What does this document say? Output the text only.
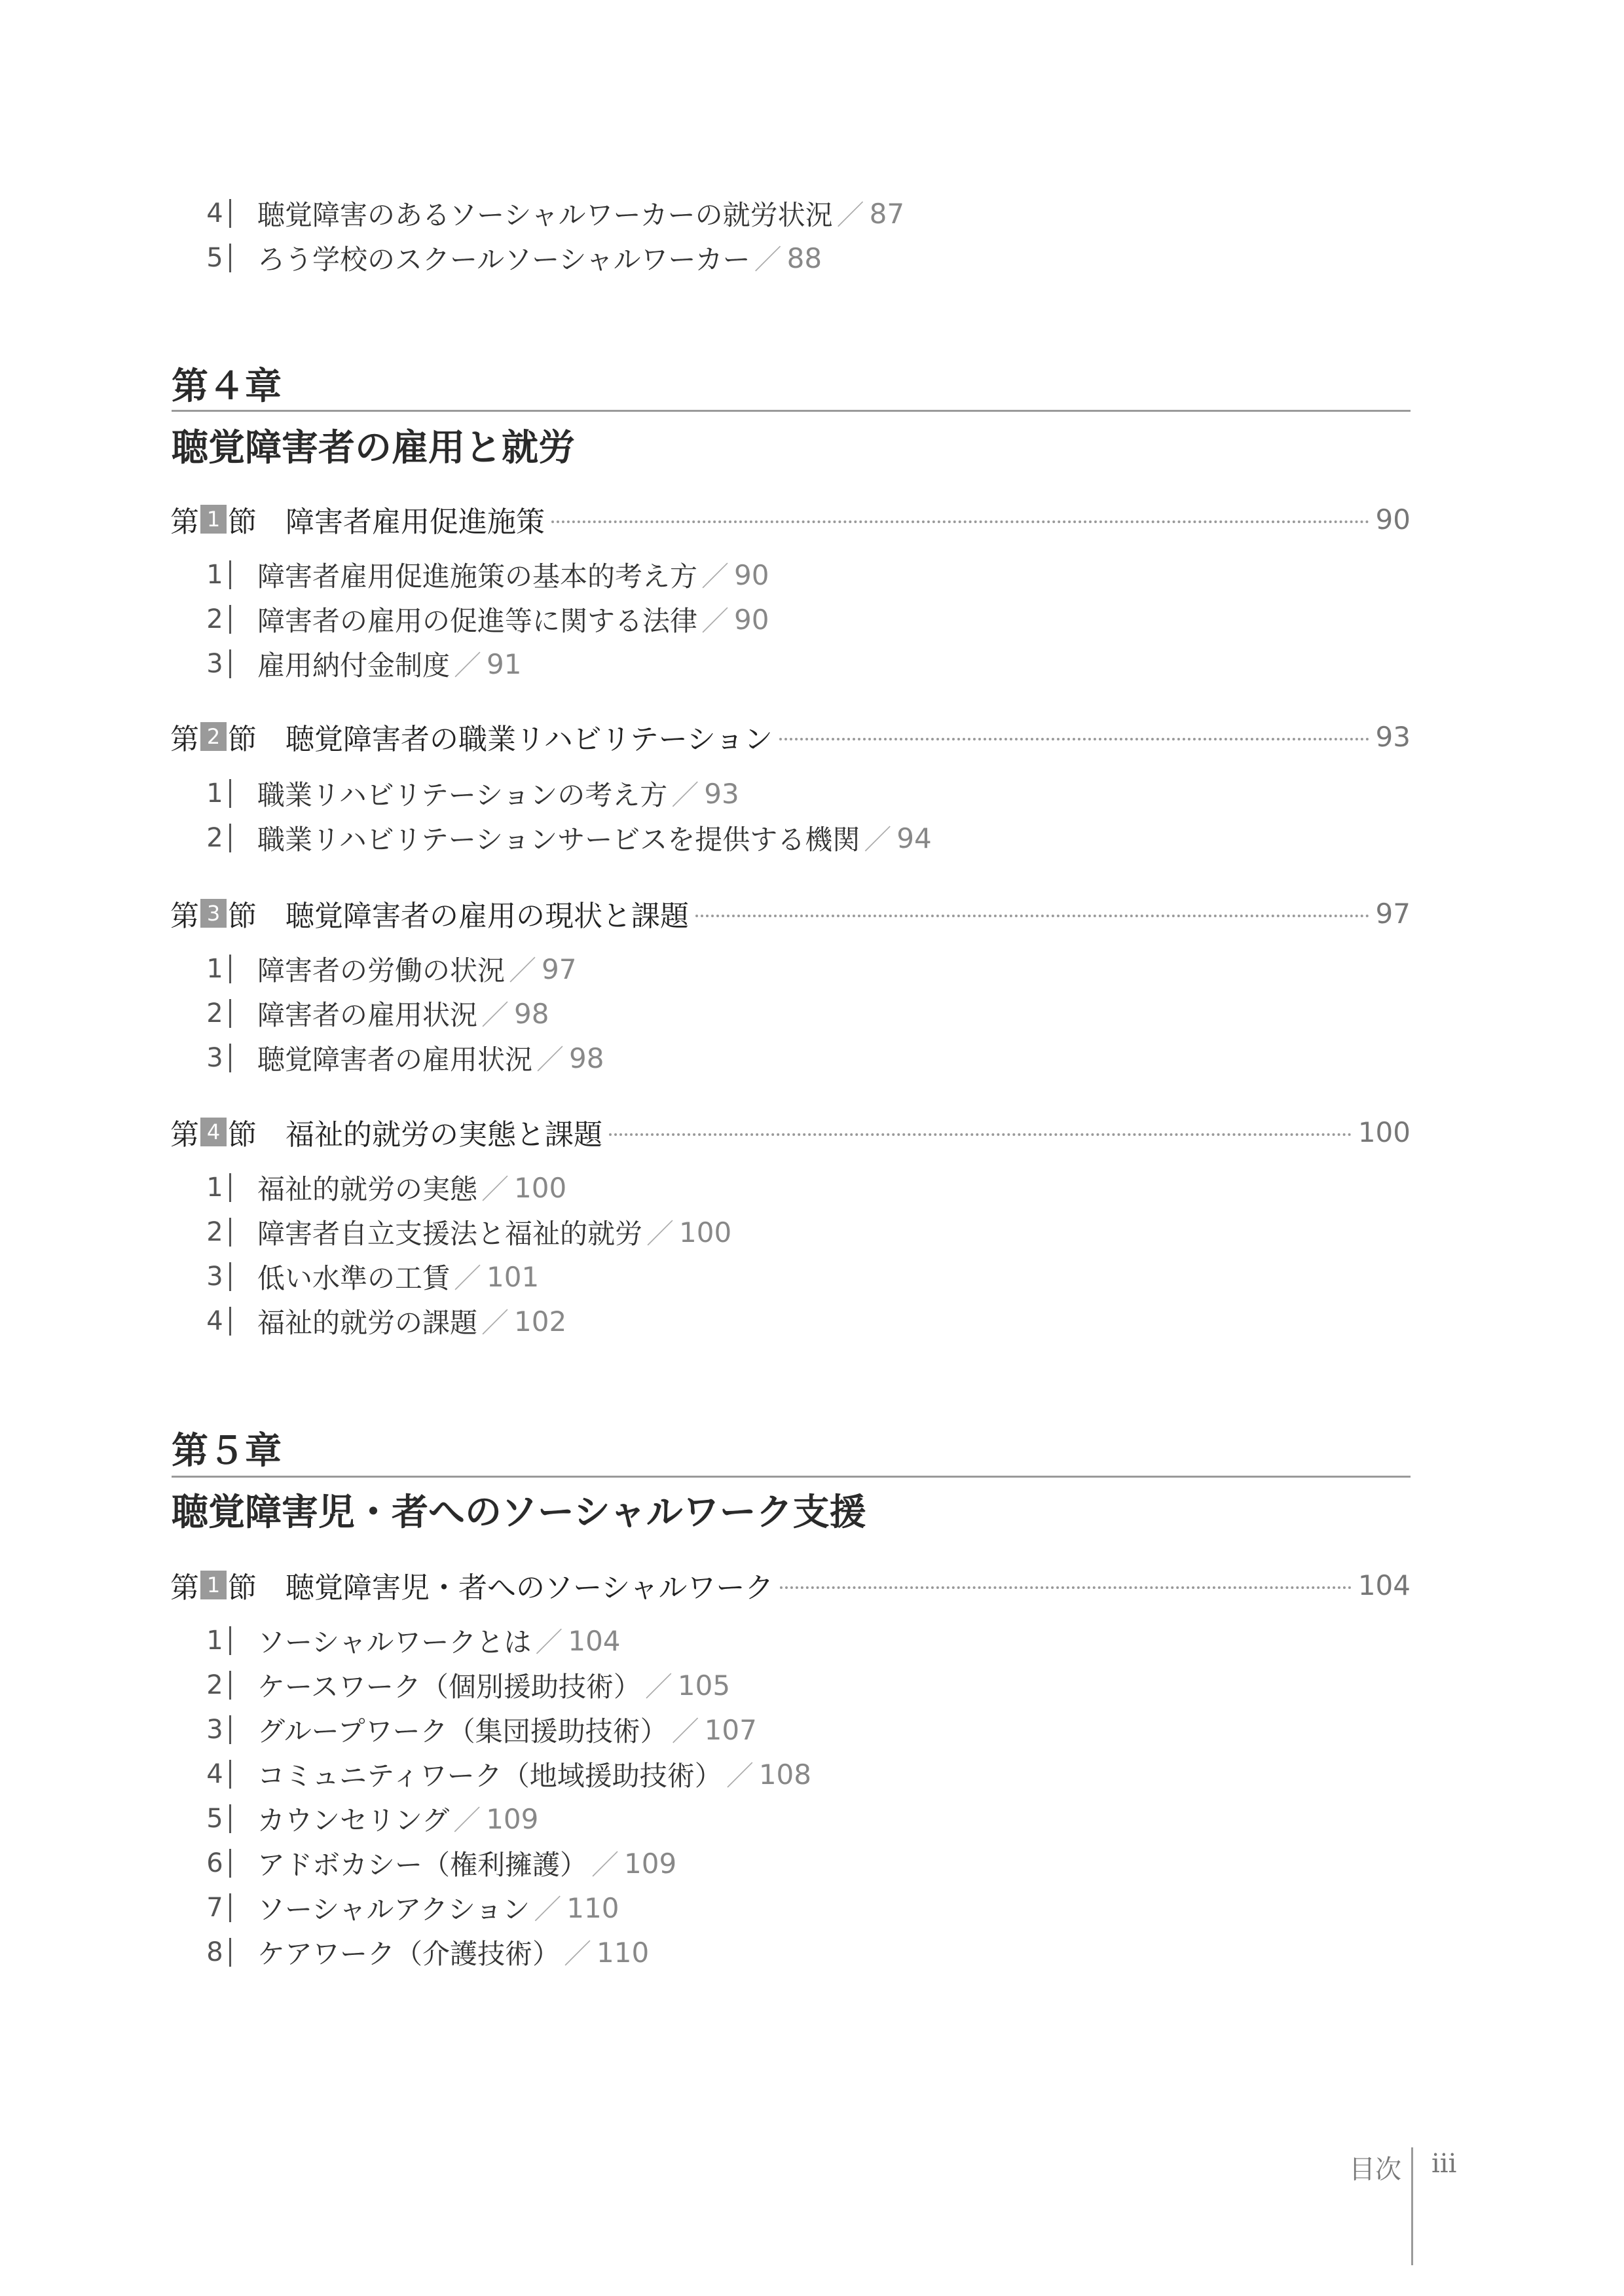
4 聴覚障害のあるソーシャルワーカーの就労状況 ／ 87
5 ろう学校のスクールソーシャルワーカー ／ 88
第４章
聴覚障害者の雇用と就労
第 1 節 障害者雇用促進施策	90
1 障害者雇用促進施策の基本的考え方 ／ 90
2 障害者の雇用の促進等に関する法律 ／ 90
3 雇用納付金制度 ／ 91
第 2 節 聴覚障害者の職業リハビリテーション	93
1 職業リハビリテーションの考え方 ／ 93
2 職業リハビリテーションサービスを提供する機関 ／ 94
第 3 節 聴覚障害者の雇用の現状と課題	97
1 障害者の労働の状況 ／ 97
2 障害者の雇用状況 ／ 98
3 聴覚障害者の雇用状況 ／ 98
第 4 節 福祉的就労の実態と課題	100
1 福祉的就労の実態 ／ 100
2 障害者自立支援法と福祉的就労 ／ 100
3 低い水準の工賃 ／ 101
4 福祉的就労の課題 ／ 102
第５章
聴覚障害児・者へのソーシャルワーク支援
第 1 節 聴覚障害児・者へのソーシャルワーク	104
1 ソーシャルワークとは ／ 104
2 ケースワーク（個別援助技術） ／ 105
3 グループワーク（集団援助技術） ／ 107
4 コミュニティワーク（地域援助技術） ／ 108
5 カウンセリング ／ 109
6 アドボカシー（権利擁護） ／ 109
7 ソーシャルアクション ／ 110
8 ケアワーク（介護技術） ／ 110
目次 iii
